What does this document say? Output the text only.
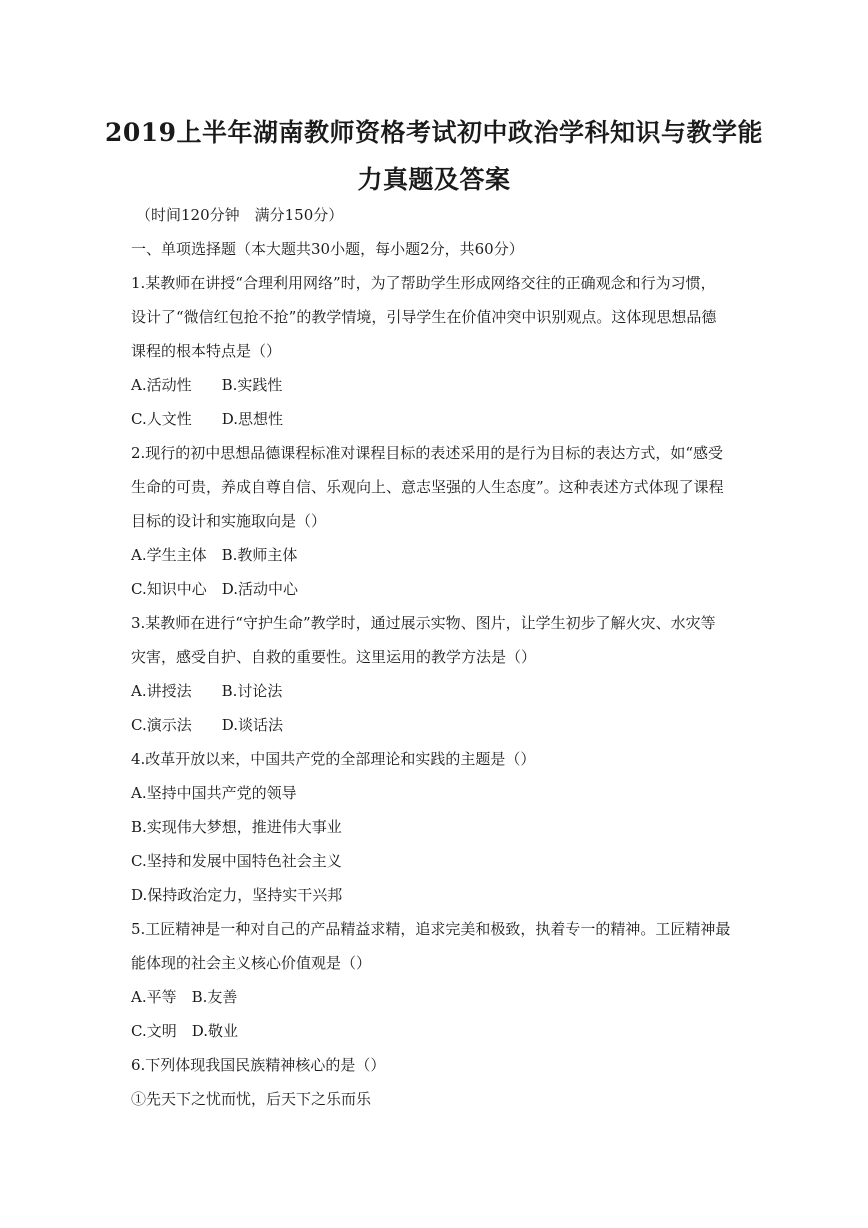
2019上半年湖南教师资格考试初中政治学科知识与教学能
力真题及答案
（时间120分钟　满分150分）
一、单项选择题（本大题共30小题，每小题2分，共60分）
1.某教师在讲授“合理利用网络”时，为了帮助学生形成网络交往的正确观念和行为习惯，
设计了“微信红包抢不抢”的教学情境，引导学生在价值冲突中识别观点。这体现思想品德
课程的根本特点是（）
A.活动性　　B.实践性
C.人文性　　D.思想性
2.现行的初中思想品德课程标准对课程目标的表述采用的是行为目标的表达方式，如“感受
生命的可贵，养成自尊自信、乐观向上、意志坚强的人生态度”。这种表述方式体现了课程
目标的设计和实施取向是（）
A.学生主体　B.教师主体
C.知识中心　D.活动中心
3.某教师在进行“守护生命”教学时，通过展示实物、图片，让学生初步了解火灾、水灾等
灾害，感受自护、自救的重要性。这里运用的教学方法是（）
A.讲授法　　B.讨论法
C.演示法　　D.谈话法
4.改革开放以来，中国共产党的全部理论和实践的主题是（）
A.坚持中国共产党的领导
B.实现伟大梦想，推进伟大事业
C.坚持和发展中国特色社会主义
D.保持政治定力，坚持实干兴邦
5.工匠精神是一种对自己的产品精益求精，追求完美和极致，执着专一的精神。工匠精神最
能体现的社会主义核心价值观是（）
A.平等　B.友善
C.文明　D.敬业
6.下列体现我国民族精神核心的是（）
①先天下之忧而忧，后天下之乐而乐
